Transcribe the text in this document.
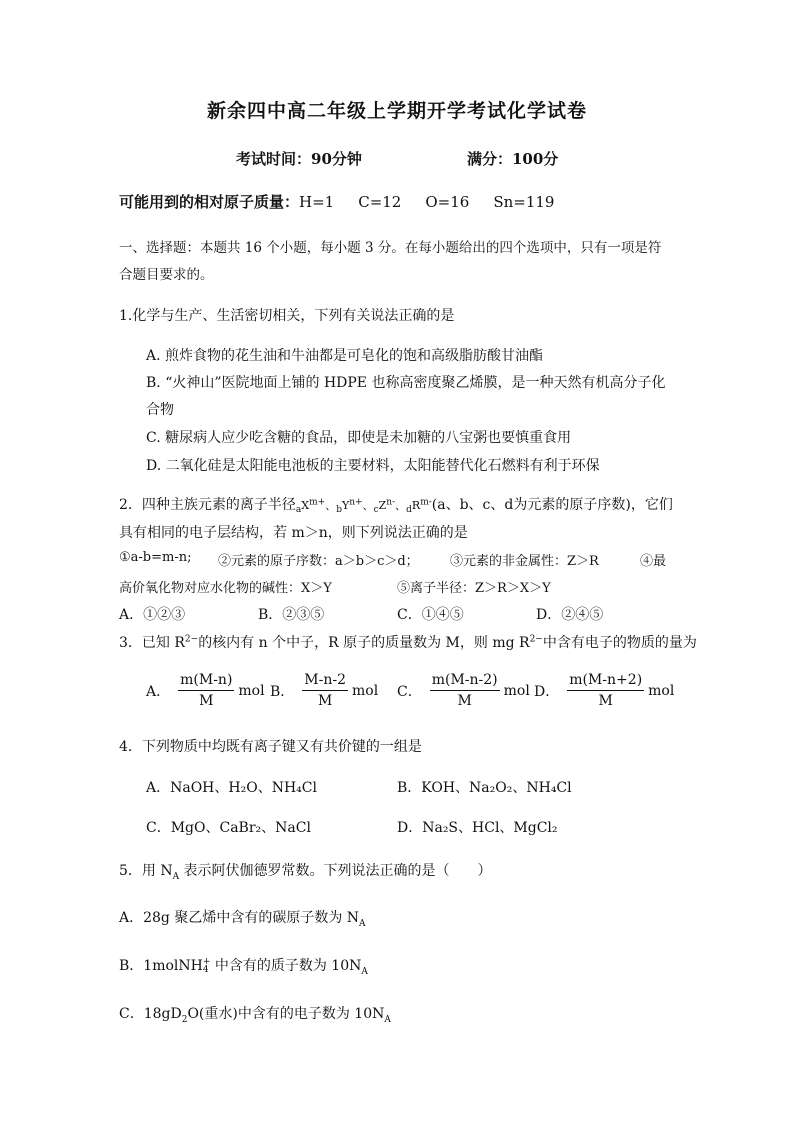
新余四中高二年级上学期开学考试化学试卷
考试时间：90分钟	满分：100分
可能用到的相对原子质量：H=1 C=12 O=16 Sn=119
一、选择题：本题共 16 个小题，每小题 3 分。在每小题给出的四个选项中，只有一项是符
合题目要求的。
1.化学与生产、生活密切相关，下列有关说法正确的是
A. 煎炸食物的花生油和牛油都是可皂化的饱和高级脂肪酸甘油酯
B. “火神山”医院地面上铺的 HDPE 也称高密度聚乙烯膜，是一种天然有机高分子化
合物
C. 糖尿病人应少吃含糖的食品，即使是未加糖的八宝粥也要慎重食用
D. 二氧化硅是太阳能电池板的主要材料，太阳能替代化石燃料有利于环保
2．四种主族元素的离子半径$_aX^{m+}$、$_bY^{n+}$、$_cZ^{n-}$、$_dR^{m-}(a$、b、c、d为元素的原子序数)，它们
具有相同的电子层结构，若 m＞n，则下列说法正确的是
①a-b=m-n; ②元素的原子序数：a＞b＞c＞d； ③元素的非金属性：Z＞R	④最
高价氧化物对应水化物的碱性：X＞Y	⑤离子半径：Z＞R＞X＞Y
A．①②③	B．②③⑤	C．①④⑤	D．②④⑤
3．已知 $R^{2-}$的核内有 n 个中子，R 原子的质量数为 M，则 mg $R^{2-}$中含有电子的物质的量为
A． $\frac{m(M-n)}{M}$ mol B． $\frac{M-n-2}{M}$ mol C． $\frac{m(M-n-2)}{M}$ mol D． $\frac{m(M-n+2)}{M}$ mol
4．下列物质中均既有离子键又有共价键的一组是
A．NaOH、H₂O、NH₄Cl	B．KOH、Na₂O₂、NH₄Cl
C．MgO、CaBr₂、NaCl	D．Na₂S、HCl、MgCl₂
5．用 $N_A$ 表示阿伏伽德罗常数。下列说法正确的是（　　）
A．28g 聚乙烯中含有的碳原子数为 $N_A$
B．1molNH +
4 中含有的质子数为 $10N_A$
C．$18gD_2O$(重水)中含有的电子数为 $10N_A$
